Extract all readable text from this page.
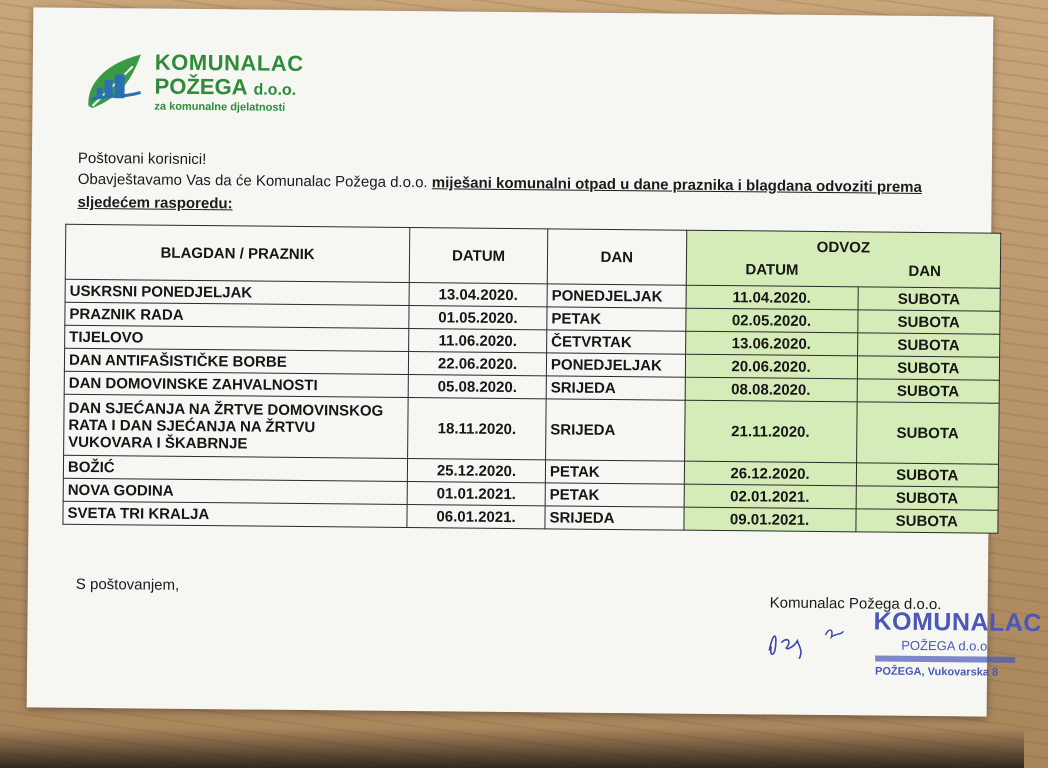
KOMUNALAC
POŽEGA d.o.o.
za komunalne djelatnosti
Poštovani korisnici!
Obavještavamo Vas da će Komunalac Požega d.o.o. miješani komunalni otpad u dane praznika i blagdana odvoziti prema
sljedećem rasporedu:
BLAGDAN / PRAZNIK	DATUM	DAN	ODVOZ
DATUM DAN	

USKRSNI PONEDJELJAK	13.04.2020.	PONEDJELJAK	11.04.2020.	SUBOTA
PRAZNIK RADA	01.05.2020.	PETAK	02.05.2020.	SUBOTA
TIJELOVO	11.06.2020.	ČETVRTAK	13.06.2020.	SUBOTA
DAN ANTIFAŠISTIČKE BORBE	22.06.2020.	PONEDJELJAK	20.06.2020.	SUBOTA
DAN DOMOVINSKE ZAHVALNOSTI	05.08.2020.	SRIJEDA	08.08.2020.	SUBOTA
DAN SJEĆANJA NA ŽRTVE DOMOVINSKOG RATA I DAN SJEĆANJA NA ŽRTVU VUKOVARA I ŠKABRNJE	18.11.2020.	SRIJEDA	21.11.2020.	SUBOTA
BOŽIĆ	25.12.2020.	PETAK	26.12.2020.	SUBOTA
NOVA GODINA	01.01.2021.	PETAK	02.01.2021.	SUBOTA
SVETA TRI KRALJA	06.01.2021.	SRIJEDA	09.01.2021.	SUBOTA
S poštovanjem,
Komunalac Požega d.o.o.
KOMUNALAC
POŽEGA d.o.o.
POŽEGA, Vukovarska 8
